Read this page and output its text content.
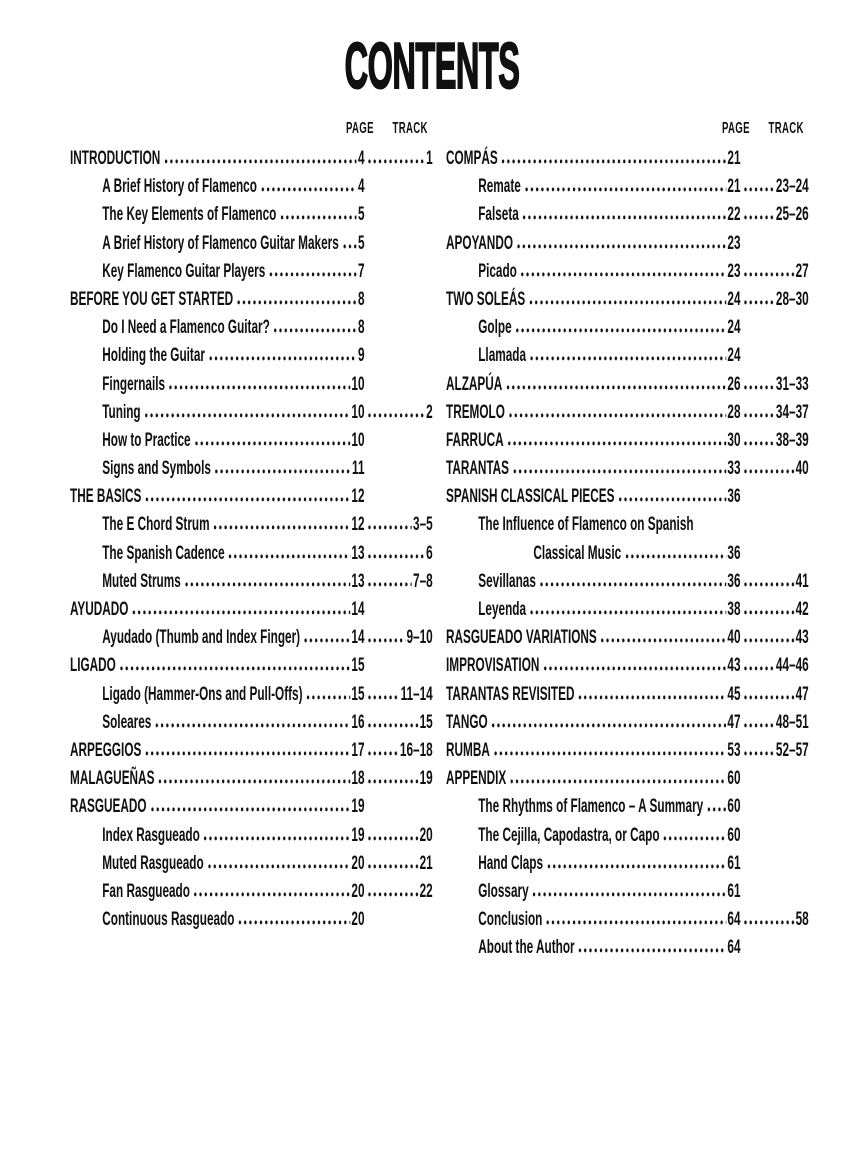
CONTENTS
PAGE TRACK
INTRODUCTION	4	1
A Brief History of Flamenco	4
The Key Elements of Flamenco	5
A Brief History of Flamenco Guitar Makers 5
Key Flamenco Guitar Players	7
BEFORE YOU GET STARTED	8
Do I Need a Flamenco Guitar?	8
Holding the Guitar	9
Fingernails	10
Tuning	10	2
How to Practice	10
Signs and Symbols	11
THE BASICS	12
The E Chord Strum	12	3–5
The Spanish Cadence	13	6
Muted Strums	13	7–8
AYUDADO	14
Ayudado (Thumb and Index Finger)	14 9–10
LIGADO	15
Ligado (Hammer-Ons and Pull-Offs)	15 11–14
Soleares	16	15
ARPEGGIOS	17 16–18
MALAGUEÑAS	18	19
RASGUEADO	19
Index Rasgueado	19	20
Muted Rasgueado	20	21
Fan Rasgueado	20	22
Continuous Rasgueado	20
PAGE TRACK
COMPÁS	21
Remate	21 23–24
Falseta	22 25–26
APOYANDO	23
Picado	23	27
TWO SOLEÁS	24 28–30
Golpe	24
Llamada	24
ALZAPÚA	26 31–33
TREMOLO	28 34–37
FARRUCA	30 38–39
TARANTAS	33	40
SPANISH CLASSICAL PIECES	36
The Influence of Flamenco on Spanish
Classical Music	36
Sevillanas	36	41
Leyenda	38	42
RASGUEADO VARIATIONS	40	43
IMPROVISATION	43 44–46
TARANTAS REVISITED	45	47
TANGO	47 48–51
RUMBA	53 52–57
APPENDIX	60
The Rhythms of Flamenco – A Summary 60
The Cejilla, Capodastra, or Capo	60
Hand Claps	61
Glossary	61
Conclusion	64	58
About the Author	64
